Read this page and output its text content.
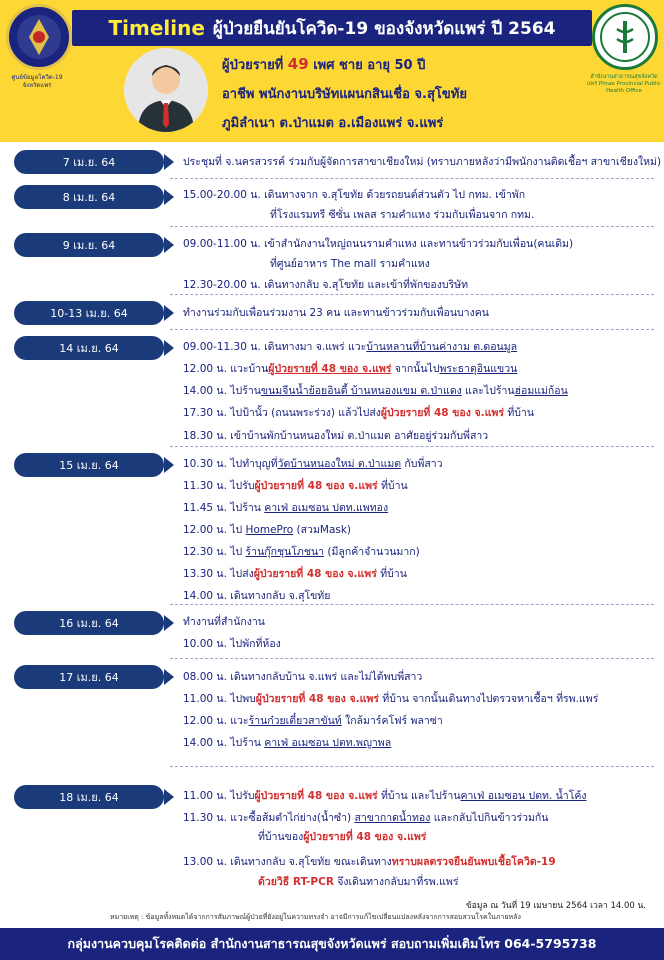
ศูนย์ข้อมูลโควิด-19 จังหวัดแพร่
Timeline ผู้ป่วยยืนยันโควิด-19 ของจังหวัดแพร่ ปี 2564
สำนักงานสาธารณสุขจังหวัดแพร่ Phrae Provincial Public Health Office
ผู้ป่วยรายที่ 49 เพศ ชาย อายุ 50 ปี
อาชีพ พนักงานบริษัทแผนกสินเชื่อ จ.สุโขทัย
ภูมิลำเนา ต.ป่าแมต อ.เมืองแพร่ จ.แพร่
7 เม.ย. 64
8 เม.ย. 64
9 เม.ย. 64
10-13 เม.ย. 64
14 เม.ย. 64
15 เม.ย. 64
16 เม.ย. 64
17 เม.ย. 64
18 เม.ย. 64
ประชุมที่ จ.นครสวรรค์ ร่วมกับผู้จัดการสาขาเชียงใหม่ (ทราบภายหลังว่ามีพนักงานติดเชื้อฯ สาขาเชียงใหม่)
15.00-20.00 น. เดินทางจาก จ.สุโขทัย ด้วยรถยนต์ส่วนตัว ไป กทม. เข้าพัก
ที่โรงแรมทรี ซีซั่น เพลส รามคำแหง ร่วมกับเพื่อนจาก กทม.
09.00-11.00 น. เข้าสำนักงานใหญ่ถนนรามคำแหง และทานข้าวร่วมกับเพื่อน(คนเดิม)
ที่ศูนย์อาหาร The mall รามคำแหง
12.30-20.00 น. เดินทางกลับ จ.สุโขทัย และเข้าที่พักของบริษัท
ทำงานร่วมกับเพื่อนร่วมงาน 23 คน และทานข้าวร่วมกับเพื่อนบางคน
09.00-11.30 น. เดินทางมา จ.แพร่ แวะบ้านหลานที่บ้านค่างาม ต.ดอนมูล
12.00 น. แวะบ้านผู้ป่วยรายที่ 48 ของ จ.แพร่ จากนั้นไปพระธาตุอินแขวน
14.00 น. ไปร้านขนมจีนน้ำย้อยอินดี้ บ้านหนองแขม ต.ป่าแดง และไปร้านฮ่อมแม่ก้อน
17.30 น. ไปป้านั้ว (ถนนพระร่วง) แล้วไปส่งผู้ป่วยรายที่ 48 ของ จ.แพร่ ที่บ้าน
18.30 น. เข้าบ้านพักบ้านหนองใหม่ ต.ป่าแมต อาศัยอยู่ร่วมกับพี่สาว
10.30 น. ไปทำบุญที่วัดบ้านหนองใหม่ ต.ป่าแมต กับพี่สาว
11.30 น. ไปรับผู้ป่วยรายที่ 48 ของ จ.แพร่ ที่บ้าน
11.45 น. ไปร้าน คาเฟ่ อเมซอน ปตท.แพทอง
12.00 น. ไป HomePro (สวมMask)
12.30 น. ไป ร้านกุ๊กชุนโภชนา (มีลูกค้าจำนวนมาก)
13.30 น. ไปส่งผู้ป่วยรายที่ 48 ของ จ.แพร่ ที่บ้าน
14.00 น. เดินทางกลับ จ.สุโขทัย
ทำงานที่สำนักงาน
10.00 น. ไปพักที่ห้อง
08.00 น. เดินทางกลับบ้าน จ.แพร่ และไม่ได้พบพี่สาว
11.00 น. ไปพบผู้ป่วยรายที่ 48 ของ จ.แพร่ ที่บ้าน จากนั้นเดินทางไปตรวจหาเชื้อฯ ที่รพ.แพร่
12.00 น. แวะร้านก๋วยเตี๋ยวสาขันท์ ใกล้มาร์คโฟร์ พลาซ่า
14.00 น. ไปร้าน คาเฟ่ อเมซอน ปตท.พญาพล
11.00 น. ไปรับผู้ป่วยรายที่ 48 ของ จ.แพร่ ที่บ้าน และไปร้านคาเฟ่ อเมซอน ปตท. น้ำโค้ง
11.30 น. แวะซื้อส้มตำไก่ย่าง(น้ำซำ) สาขากาดน้ำทอง และกลับไปกินข้าวร่วมกัน
ที่บ้านของผู้ป่วยรายที่ 48 ของ จ.แพร่
13.00 น. เดินทางกลับ จ.สุโขทัย ขณะเดินทางทราบผลตรวจยืนยันพบเชื้อโควิด-19
ด้วยวิธี RT-PCR จึงเดินทางกลับมาที่รพ.แพร่
ข้อมูล ณ วันที่ 19 เมษายน 2564 เวลา 14.00 น.
หมายเหตุ : ข้อมูลทั้งหมดได้จากการสัมภาษณ์ผู้ป่วยที่ยังอยู่ในความทรงจำ อาจมีการแก้ไขเปลี่ยนแปลงหลังจากการสอบสวนโรคในภายหลัง
กลุ่มงานควบคุมโรคติดต่อ สำนักงานสาธารณสุขจังหวัดแพร่ สอบถามเพิ่มเติมโทร 064-5795738
